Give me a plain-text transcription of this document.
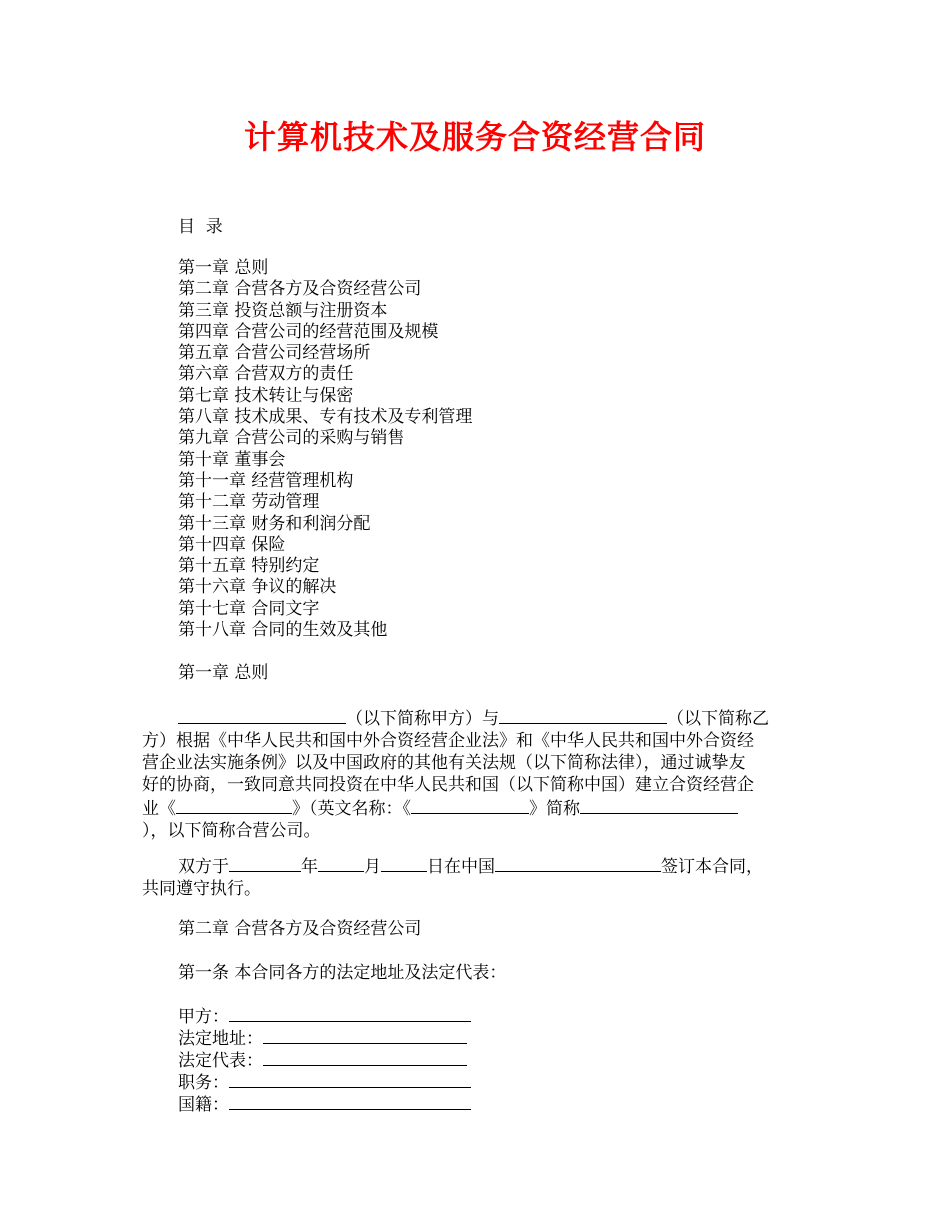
计算机技术及服务合资经营合同
目  录
第一章 总则
第二章 合营各方及合资经营公司
第三章 投资总额与注册资本
第四章 合营公司的经营范围及规模
第五章 合营公司经营场所
第六章 合营双方的责任
第七章 技术转让与保密
第八章 技术成果、专有技术及专利管理
第九章 合营公司的采购与销售
第十章 董事会
第十一章 经营管理机构
第十二章 劳动管理
第十三章 财务和利润分配
第十四章 保险
第十五章 特别约定
第十六章 争议的解决
第十七章 合同文字
第十八章 合同的生效及其他
第一章 总则
（以下简称甲方）与	（以下简称乙
方）根据《中华人民共和国中外合资经营企业法》和《中华人民共和国中外合资经
营企业法实施条例》以及中国政府的其他有关法规（以下简称法律），通过诚挚友
好的协商，一致同意共同投资在中华人民共和国（以下简称中国）建立合资经营企
业《	》（英文名称：《	》简称
），以下简称合营公司。
双方于	年	月	日在中国	签订本合同，
共同遵守执行。
第二章 合营各方及合资经营公司
第一条 本合同各方的法定地址及法定代表：
甲方：
法定地址：
法定代表：
职务：
国籍：
